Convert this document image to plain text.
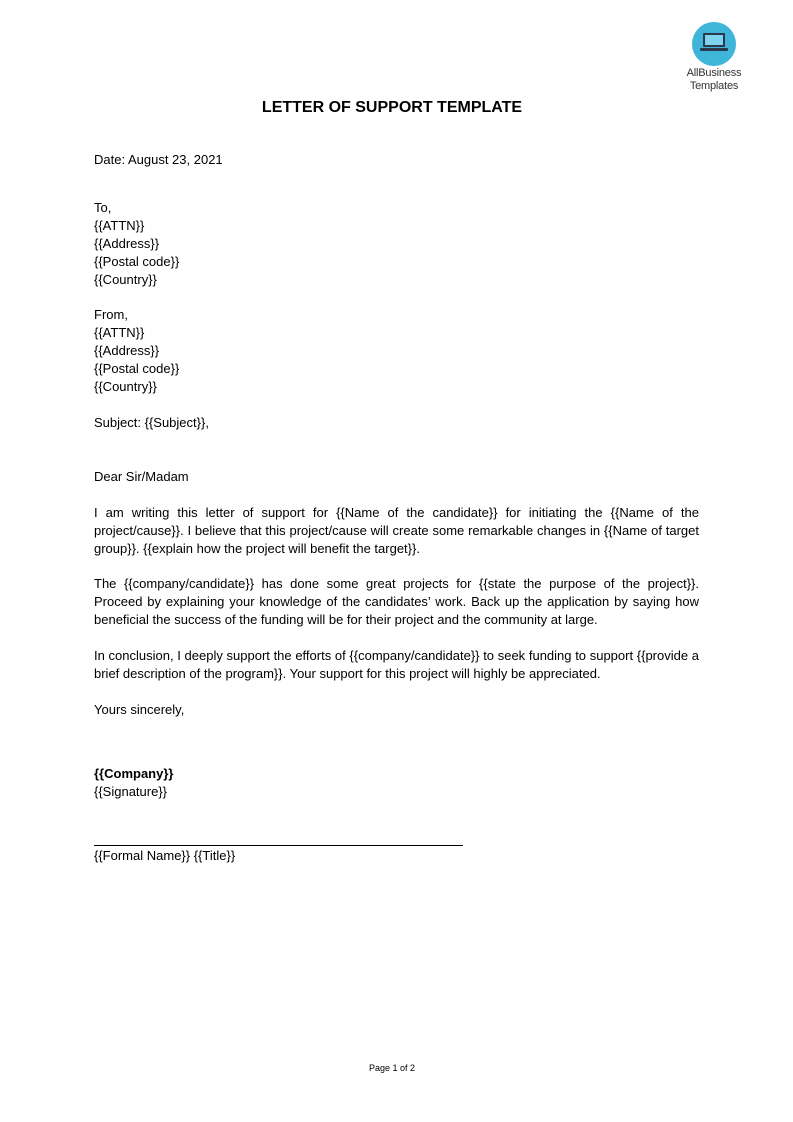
AllBusiness
Templates
LETTER OF SUPPORT TEMPLATE
Date: August 23, 2021
To,
{{ATTN}}
{{Address}}
{{Postal code}}
{{Country}}
From,
{{ATTN}}
{{Address}}
{{Postal code}}
{{Country}}
Subject: {{Subject}},
Dear Sir/Madam
I am writing this letter of support for {{Name of the candidate}} for initiating the {{Name of the project/cause}}. I believe that this project/cause will create some remarkable changes in {{Name of target group}}. {{explain how the project will benefit the target}}.
The {{company/candidate}} has done some great projects for {{state the purpose of the project}}. Proceed by explaining your knowledge of the candidates’ work. Back up the application by saying how beneficial the success of the funding will be for their project and the community at large.
In conclusion, I deeply support the efforts of {{company/candidate}} to seek funding to support {{provide a brief description of the program}}. Your support for this project will highly be appreciated.
Yours sincerely,
{{Company}}
{{Signature}}
{{Formal Name}} {{Title}}
Page 1 of 2
